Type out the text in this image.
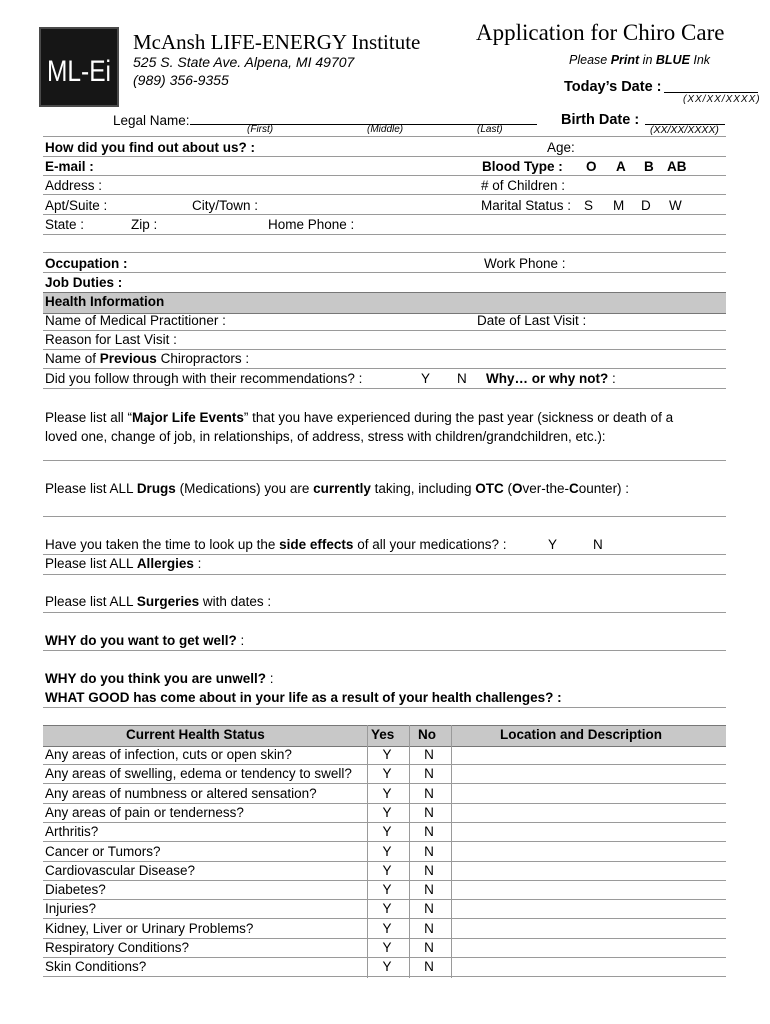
ML-Ei
McAnsh LIFE-ENERGY Institute
525 S. State Ave. Alpena, MI 49707
(989) 356-9355
Application for Chiro Care
Please Print in BLUE Ink
Today’s Date :
(XX/XX/XXXX)
Legal Name:
(First)	(Middle)	(Last)
Birth Date :
(XX/XX/XXXX)
How did you find out about us? :	Age:
E-mail :	Blood Type : O A B AB
Address :	# of Children :
Apt/Suite :	City/Town :	Marital Status : S M D W
State :	Zip :	Home Phone :
Occupation :	Work Phone :
Job Duties :
Health Information
Name of Medical Practitioner :	Date of Last Visit :
Reason for Last Visit :
Name of Previous Chiropractors :
Did you follow through with their recommendations? :	Y N Why… or why not? :
Please list all “Major Life Events” that you have experienced during the past year (sickness or death of a
loved one, change of job, in relationships, of address, stress with children/grandchildren, etc.):
Please list ALL Drugs (Medications) you are currently taking, including OTC (Over-the-Counter) :
Have you taken the time to look up the side effects of all your medications? :	Y	N
Please list ALL Allergies :
Please list ALL Surgeries with dates :
WHY do you want to get well? :
WHY do you think you are unwell? :
WHAT GOOD has come about in your life as a result of your health challenges? :
Current Health Status	Yes No	Location and Description
Any areas of infection, cuts or open skin?	Y N
Any areas of swelling, edema or tendency to swell? Y N
Any areas of numbness or altered sensation?	Y N
Any areas of pain or tenderness?	Y N
Arthritis?	Y N
Cancer or Tumors?	Y N
Cardiovascular Disease?	Y N
Diabetes?	Y N
Injuries?	Y N
Kidney, Liver or Urinary Problems?	Y N
Respiratory Conditions?	Y N
Skin Conditions?	Y N
